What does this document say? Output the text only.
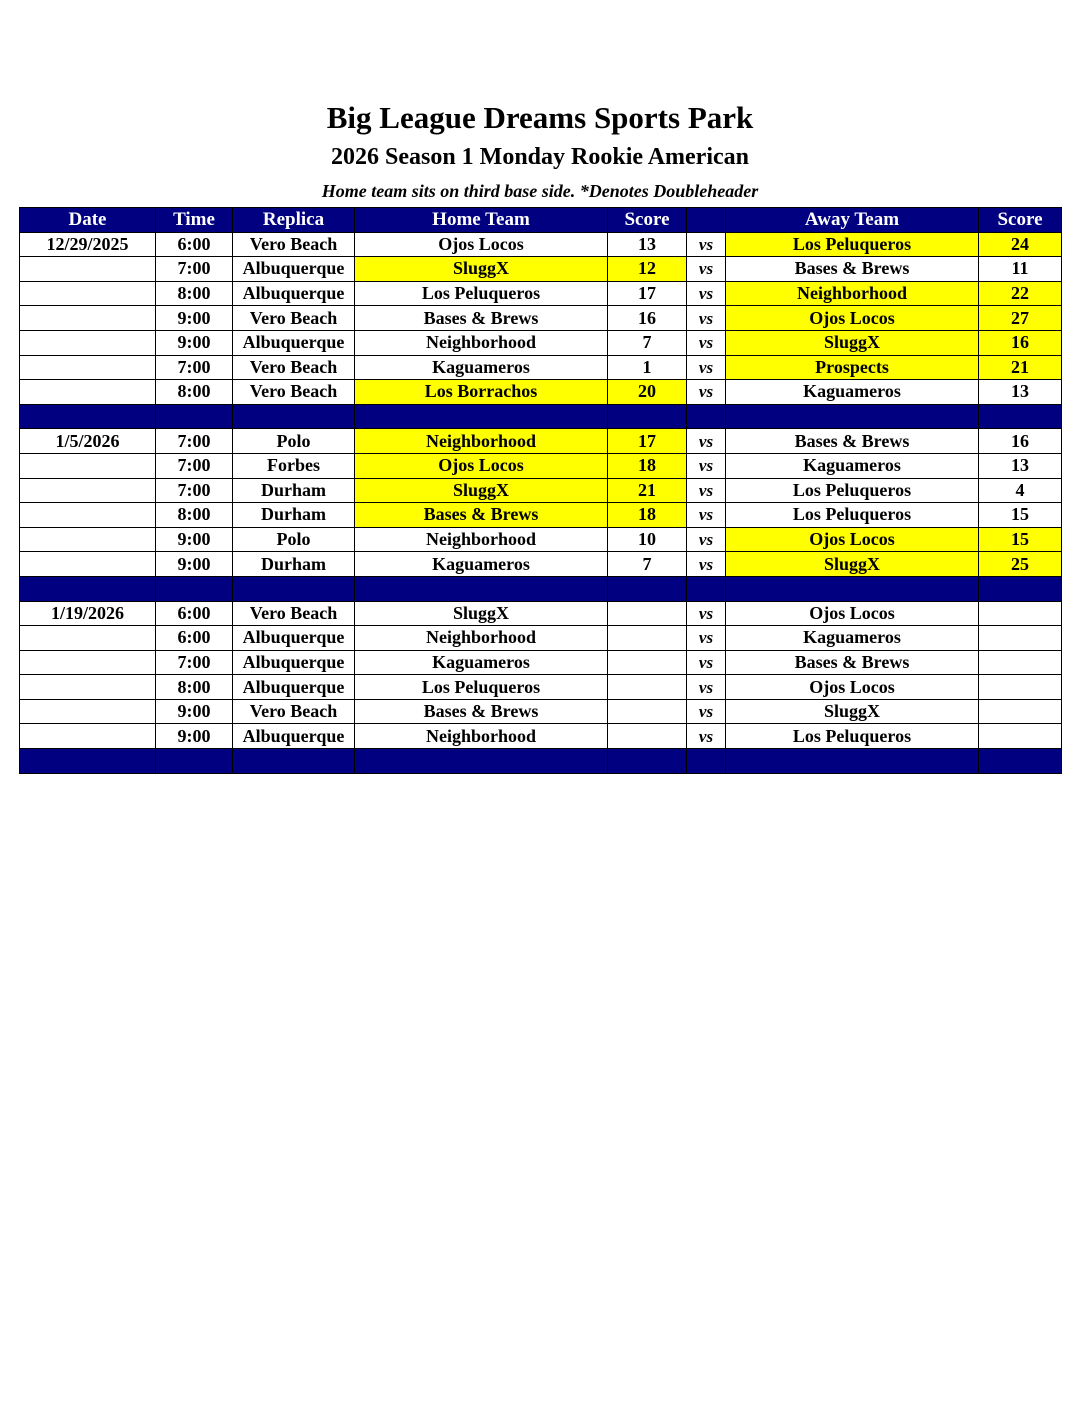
Big League Dreams Sports Park
2026 Season 1 Monday Rookie American
Home team sits on third base side. *Denotes Doubleheader
Date	Time	Replica	Home Team	Score		Away Team	Score
12/29/2025	6:00	Vero Beach	Ojos Locos	13	vs	Los Peluqueros	24
	7:00	Albuquerque	SluggX	12	vs	Bases & Brews	11
	8:00	Albuquerque	Los Peluqueros	17	vs	Neighborhood	22
	9:00	Vero Beach	Bases & Brews	16	vs	Ojos Locos	27
	9:00	Albuquerque	Neighborhood	7	vs	SluggX	16
	7:00	Vero Beach	Kaguameros	1	vs	Prospects	21
	8:00	Vero Beach	Los Borrachos	20	vs	Kaguameros	13

1/5/2026	7:00	Polo	Neighborhood	17	vs	Bases & Brews	16
	7:00	Forbes	Ojos Locos	18	vs	Kaguameros	13
	7:00	Durham	SluggX	21	vs	Los Peluqueros	4
	8:00	Durham	Bases & Brews	18	vs	Los Peluqueros	15
	9:00	Polo	Neighborhood	10	vs	Ojos Locos	15
	9:00	Durham	Kaguameros	7	vs	SluggX	25

1/19/2026	6:00	Vero Beach	SluggX		vs	Ojos Locos	
	6:00	Albuquerque	Neighborhood		vs	Kaguameros	
	7:00	Albuquerque	Kaguameros		vs	Bases & Brews	
	8:00	Albuquerque	Los Peluqueros		vs	Ojos Locos	
	9:00	Vero Beach	Bases & Brews		vs	SluggX	
	9:00	Albuquerque	Neighborhood		vs	Los Peluqueros	
